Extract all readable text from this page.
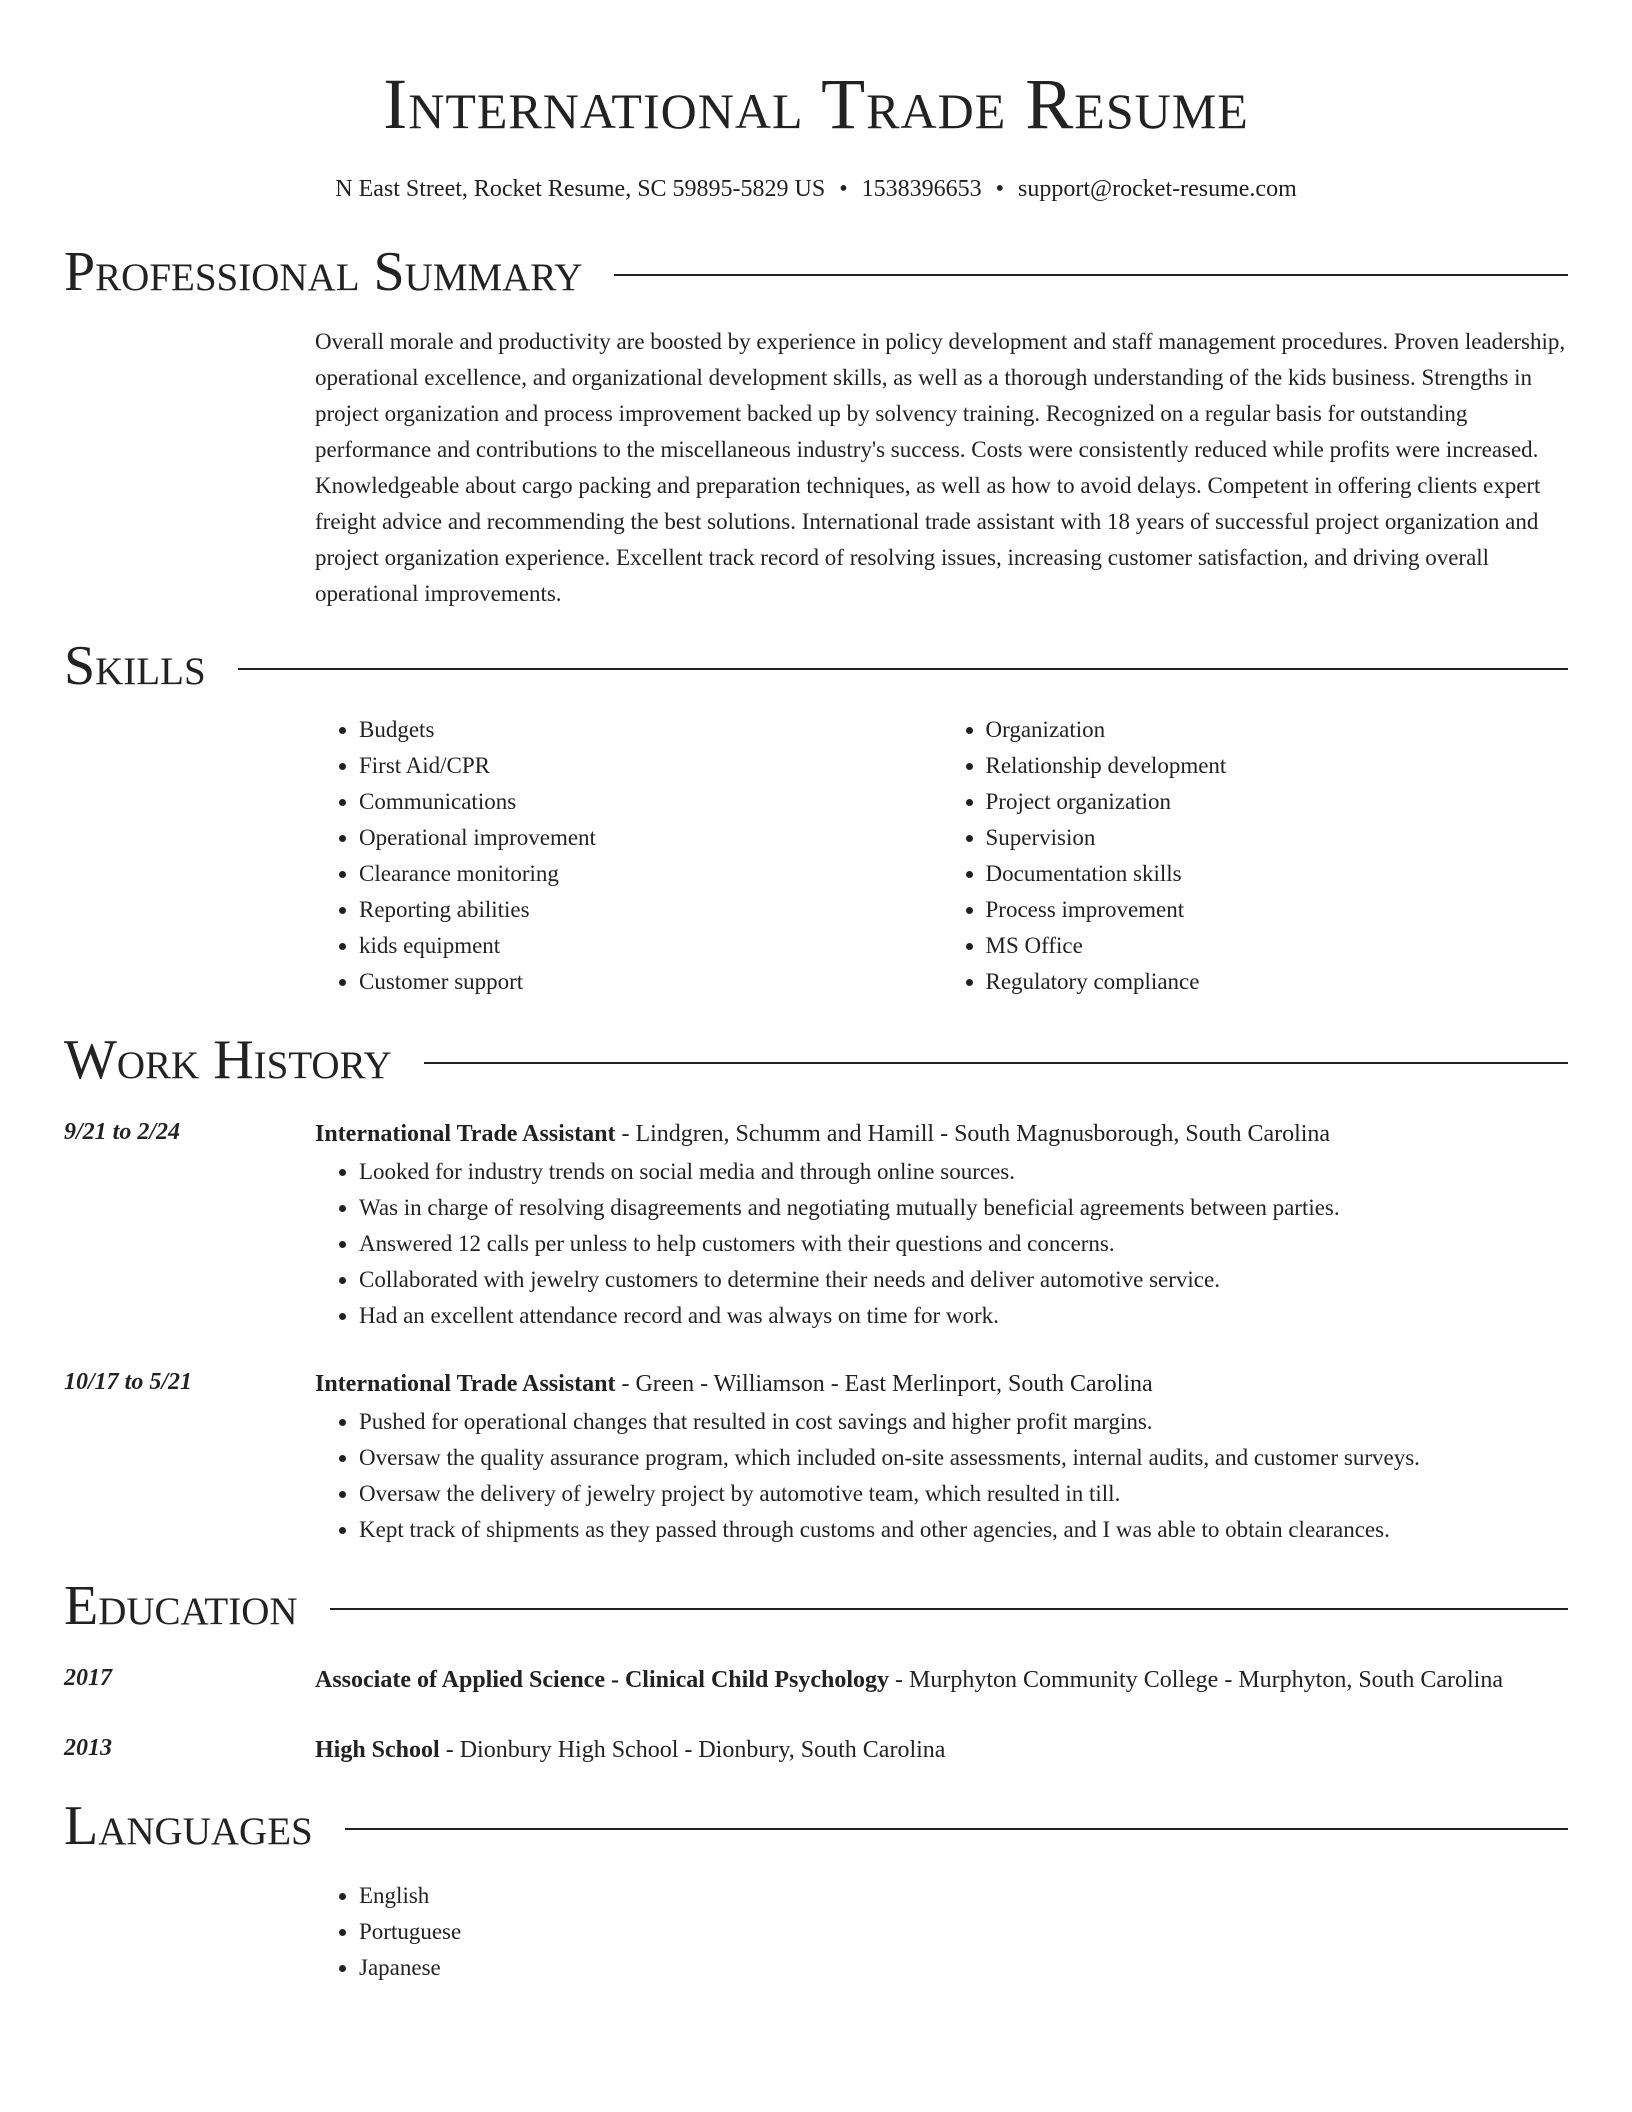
International Trade Resume
N East Street, Rocket Resume, SC 59895-5829 US • 1538396653 • support@rocket-resume.com
Professional Summary
Overall morale and productivity are boosted by experience in policy development and staff management procedures. Proven leadership, operational excellence, and organizational development skills, as well as a thorough understanding of the kids business. Strengths in project organization and process improvement backed up by solvency training. Recognized on a regular basis for outstanding performance and contributions to the miscellaneous industry's success. Costs were consistently reduced while profits were increased. Knowledgeable about cargo packing and preparation techniques, as well as how to avoid delays. Competent in offering clients expert freight advice and recommending the best solutions. International trade assistant with 18 years of successful project organization and project organization experience. Excellent track record of resolving issues, increasing customer satisfaction, and driving overall operational improvements.
Skills
• Budgets
• First Aid/CPR
• Communications
• Operational improvement
• Clearance monitoring
• Reporting abilities
• kids equipment
• Customer support
• Organization
• Relationship development
• Project organization
• Supervision
• Documentation skills
• Process improvement
• MS Office
• Regulatory compliance
Work History
9/21 to 2/24	International Trade Assistant - Lindgren, Schumm and Hamill - South Magnusborough, South Carolina
• Looked for industry trends on social media and through online sources.
• Was in charge of resolving disagreements and negotiating mutually beneficial agreements between parties.
• Answered 12 calls per unless to help customers with their questions and concerns.
• Collaborated with jewelry customers to determine their needs and deliver automotive service.
• Had an excellent attendance record and was always on time for work.
10/17 to 5/21	International Trade Assistant - Green - Williamson - East Merlinport, South Carolina
• Pushed for operational changes that resulted in cost savings and higher profit margins.
• Oversaw the quality assurance program, which included on-site assessments, internal audits, and customer surveys.
• Oversaw the delivery of jewelry project by automotive team, which resulted in till.
• Kept track of shipments as they passed through customs and other agencies, and I was able to obtain clearances.
Education
2017	Associate of Applied Science - Clinical Child Psychology - Murphyton Community College - Murphyton, South Carolina
2013	High School - Dionbury High School - Dionbury, South Carolina
Languages
• English
• Portuguese
• Japanese
